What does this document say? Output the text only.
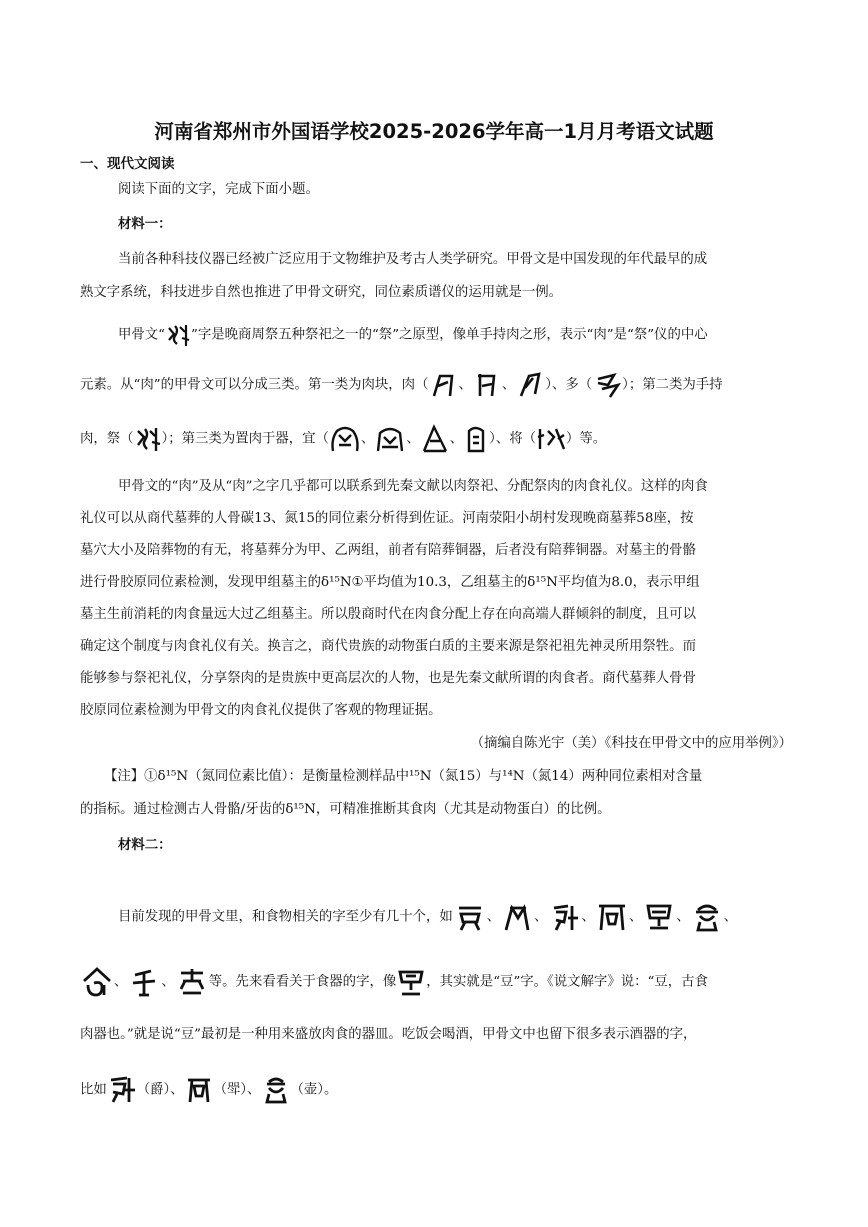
河南省郑州市外国语学校2025-2026学年高一1月月考语文试题
一、现代文阅读
阅读下面的文字，完成下面小题。
材料一：
当前各种科技仪器已经被广泛应用于文物维护及考古人类学研究。甲骨文是中国发现的年代最早的成
熟文字系统，科技进步自然也推进了甲骨文研究，同位素质谱仪的运用就是一例。
甲骨文“ ”字是晚商周祭五种祭祀之一的“祭”之原型，像单手持肉之形，表示“肉”是“祭”仪的中心
元素。从“肉”的甲骨文可以分成三类。第一类为肉块，肉（ 、 、 ）、多（ ）；第二类为手持
肉，祭（ ）；第三类为置肉于器，宜（ 、 、 、 ）、将（ ）等。
甲骨文的“肉”及从“肉”之字几乎都可以联系到先秦文献以肉祭祀、分配祭肉的肉食礼仪。这样的肉食
礼仪可以从商代墓葬的人骨碳13、氮15的同位素分析得到佐证。河南荥阳小胡村发现晚商墓葬58座，按
墓穴大小及陪葬物的有无，将墓葬分为甲、乙两组，前者有陪葬铜器，后者没有陪葬铜器。对墓主的骨骼
进行骨胶原同位素检测，发现甲组墓主的δ¹⁵N①平均值为10.3，乙组墓主的δ¹⁵N平均值为8.0，表示甲组
墓主生前消耗的肉食量远大过乙组墓主。所以殷商时代在肉食分配上存在向高端人群倾斜的制度，且可以
确定这个制度与肉食礼仪有关。换言之，商代贵族的动物蛋白质的主要来源是祭祀祖先神灵所用祭牲。而
能够参与祭祀礼仪，分享祭肉的是贵族中更高层次的人物，也是先秦文献所谓的肉食者。商代墓葬人骨骨
胶原同位素检测为甲骨文的肉食礼仪提供了客观的物理证据。
（摘编自陈光宇（美）《科技在甲骨文中的应用举例》）
【注】①δ¹⁵N（氮同位素比值）：是衡量检测样品中¹⁵N（氮15）与¹⁴N（氮14）两种同位素相对含量
的指标。通过检测古人骨骼/牙齿的δ¹⁵N，可精准推断其食肉（尤其是动物蛋白）的比例。
材料二：
目前发现的甲骨文里，和食物相关的字至少有几十个，如	、	、	、	、	、	、
、	、	等。先来看看关于食器的字，像 ，其实就是“豆”字。《说文解字》说：“豆，古食
肉器也。”就是说“豆”最初是一种用来盛放肉食的器皿。吃饭会喝酒，甲骨文中也留下很多表示酒器的字，
比如 （爵）、 （斝）、 （壶）。
